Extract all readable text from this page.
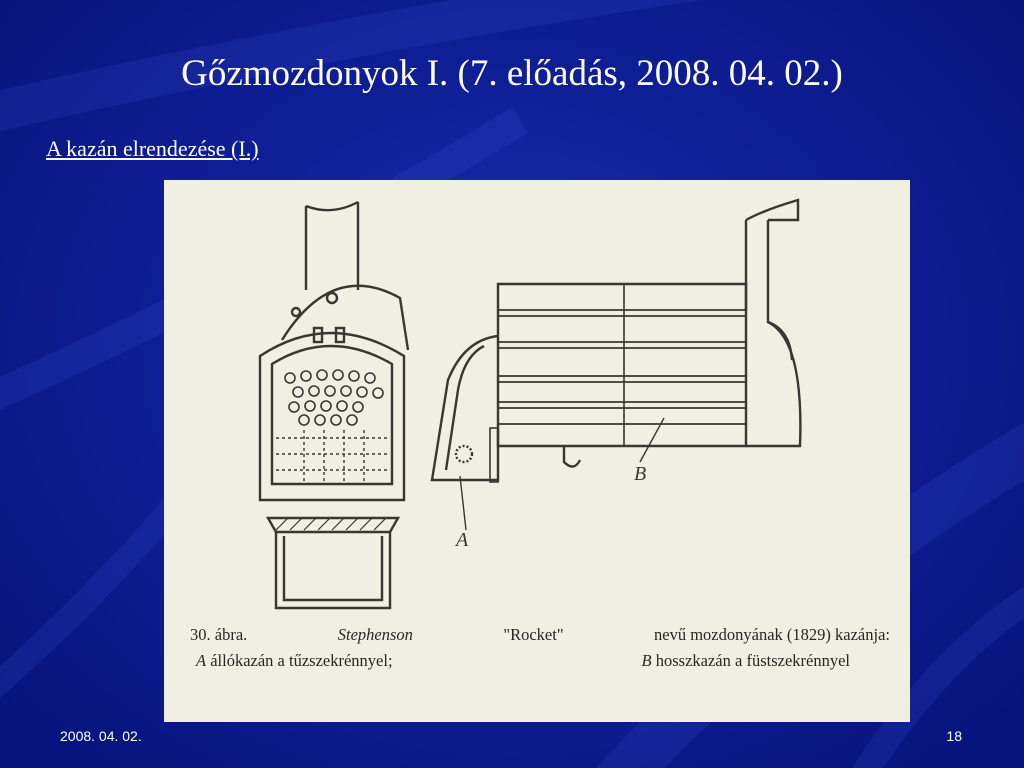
Gőzmozdonyok I. (7. előadás, 2008. 04. 02.)
A kazán elrendezése (I.)
A
B
30. ábra.	Stephenson	"Rocket"	nevű mozdonyának (1829) kazánja:
A állókazán a tűzszekrénnyel;	B hosszkazán a füstszekrénnyel
2008. 04. 02.	18
